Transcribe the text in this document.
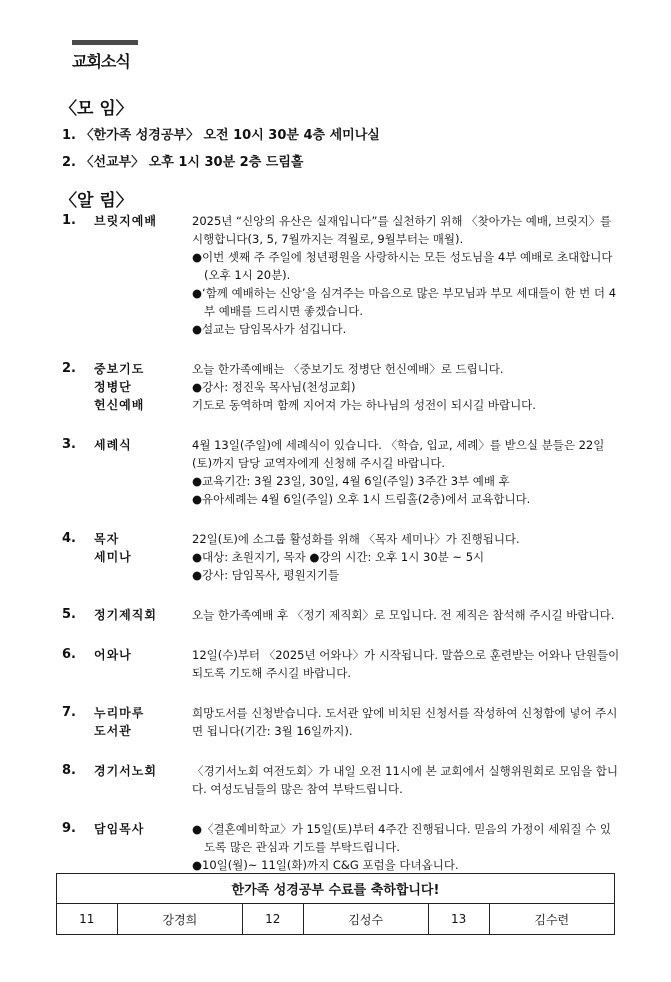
교회소식
〈모 임〉
1. 〈한가족 성경공부〉 오전 10시 30분 4층 세미나실
2. 〈선교부〉 오후 1시 30분 2층 드림홀
〈알 림〉
1. 브릿지예배	2025년 “신앙의 유산은 실재입니다”를 실천하기 위해 〈찾아가는 예배, 브릿지〉를 시행합니다(3, 5, 7월까지는 격월로, 9월부터는 매월).
●이번 셋째 주 주일에 청년평원을 사랑하시는 모든 성도님을 4부 예배로 초대합니다(오후 1시 20분).
●‘함께 예배하는 신앙’을 심겨주는 마음으로 많은 부모님과 부모 세대들이 한 번 더 4부 예배를 드리시면 좋겠습니다.
●설교는 담임목사가 섬깁니다.
2. 중보기도
정병단
헌신예배
오늘 한가족예배는 〈중보기도 정병단 헌신예배〉로 드립니다.
●강사: 정진욱 목사님(천성교회)
기도로 동역하며 함께 지어져 가는 하나님의 성전이 되시길 바랍니다.
3. 세례식	4월 13일(주일)에 세례식이 있습니다. 〈학습, 입교, 세례〉를 받으실 분들은 22일(토)까지 담당 교역자에게 신청해 주시길 바랍니다.
●교육기간: 3월 23일, 30일, 4월 6일(주일) 3주간 3부 예배 후
●유아세례는 4월 6일(주일) 오후 1시 드림홀(2층)에서 교육합니다.
4. 목자
세미나
22일(토)에 소그룹 활성화를 위해 〈목자 세미나〉가 진행됩니다.
●대상: 초원지기, 목자 ●강의 시간: 오후 1시 30분 ~ 5시
●강사: 담임목사, 평원지기들
5. 정기제직회	오늘 한가족예배 후 〈정기 제직회〉로 모입니다. 전 제직은 참석해 주시길 바랍니다.
6. 어와나	12일(수)부터 〈2025년 어와나〉가 시작됩니다. 말씀으로 훈련받는 어와나 단원들이 되도록 기도해 주시길 바랍니다.
7. 누리마루
도서관
희망도서를 신청받습니다. 도서관 앞에 비치된 신청서를 작성하여 신청함에 넣어 주시면 됩니다(기간: 3월 16일까지).
8. 경기서노회	〈경기서노회 여전도회〉가 내일 오전 11시에 본 교회에서 실행위원회로 모임을 합니다. 여성도님들의 많은 참여 부탁드립니다.
9. 담임목사	●〈결혼예비학교〉가 15일(토)부터 4주간 진행됩니다. 믿음의 가정이 세워질 수 있도록 많은 관심과 기도를 부탁드립니다.
●10일(월)~ 11일(화)까지 C&G 포럼을 다녀옵니다.
한가족 성경공부 수료를 축하합니다!
11	강경희	12	김성수	13	김수련
